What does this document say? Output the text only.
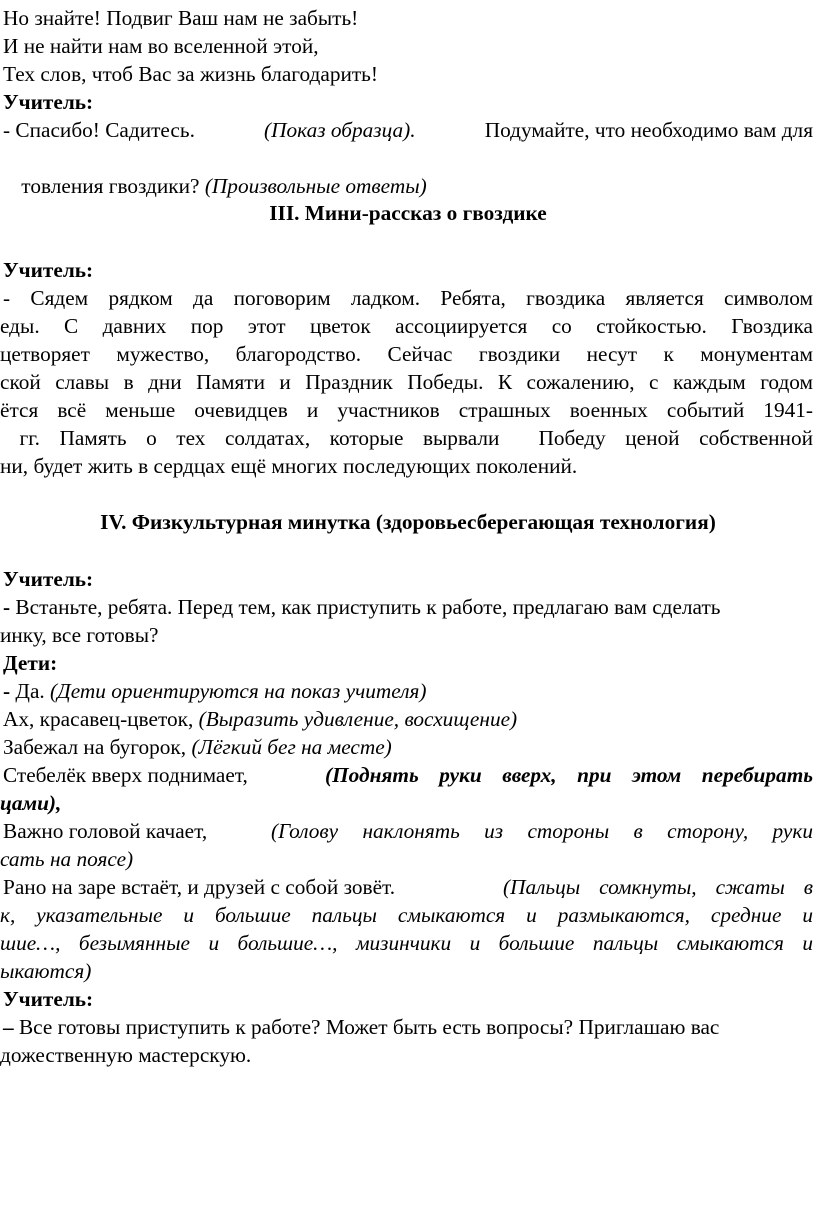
Но знайте! Подвиг Ваш нам не забыть!
И не найти нам во вселенной этой,
Тех слов, чтоб Вас за жизнь благодарить!
Учитель:
- Спасибо! Садитесь.	(Показ образца).	Подумайте, что необходимо вам для

товления гвоздики? (Произвольные ответы)

III. Мини-рассказ о гвоздике
Учитель:
- Сядем рядком да поговорим ладком. Ребята, гвоздика является символом
еды. С давних пор этот цветок ассоциируется со стойкостью. Гвоздика
цетворяет мужество, благородство. Сейчас гвоздики несут к монументам
ской славы в дни Памяти и Праздник Победы. К сожалению, с каждым годом
ётся всё меньше очевидцев и участников страшных военных событий 1941-
гг. Память о тех солдатах, которые вырвали  Победу ценой собственной
ни, будет жить в сердцах ещё многих последующих поколений.
IV. Физкультурная минутка (здоровьесберегающая технология)
Учитель:
- Встаньте, ребята. Перед тем, как приступить к работе, предлагаю вам сделать
инку, все готовы?
Дети:
- Да. (Дети ориентируются на показ учителя)
Ах, красавец-цветок, (Выразить удивление, восхищение)
Забежал на бугорок, (Лёгкий бег на месте)
Стебелёк вверх поднимает,	(Поднять руки вверх, при этом перебирать
цами),
Важно головой качает,	(Голову наклонять из стороны в сторону, руки
сать на поясе)
Рано на заре встаёт, и друзей с собой зовёт.	(Пальцы сомкнуты, сжаты в
к, указательные и большие пальцы смыкаются и размыкаются, средние и
шие…, безымянные и большие…, мизинчики и большие пальцы смыкаются и
ыкаются)
Учитель:
– Все готовы приступить к работе? Может быть есть вопросы? Приглашаю вас
дожественную мастерскую.
